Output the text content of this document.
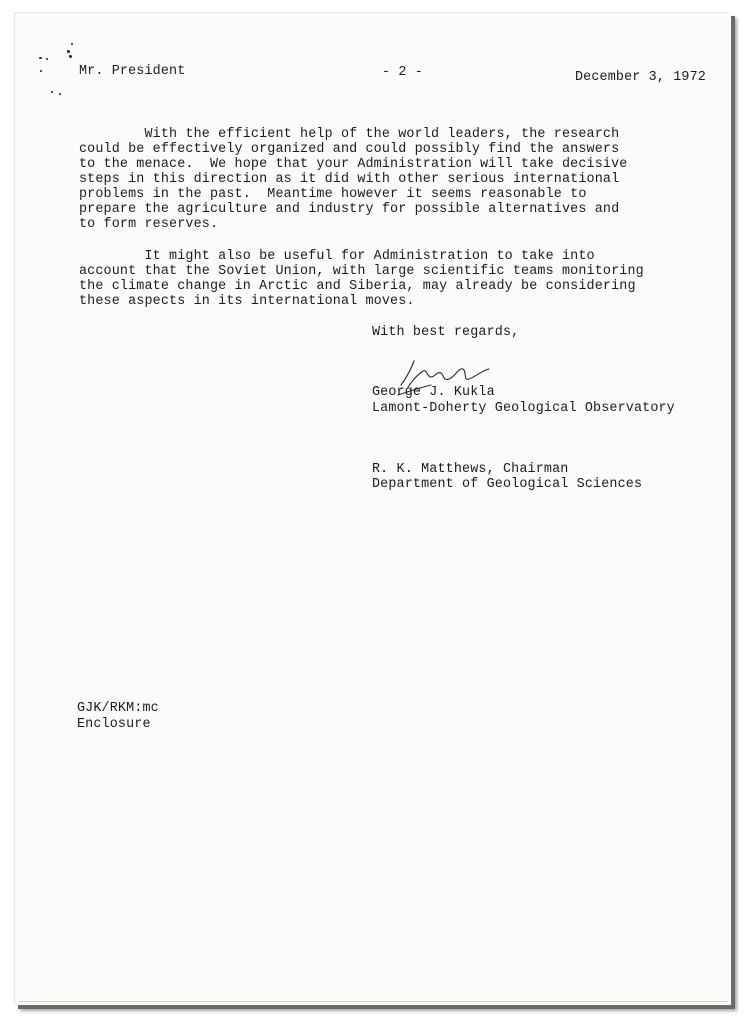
Mr. President	- 2 -	December 3, 1972
With the efficient help of the world leaders, the research
could be effectively organized and could possibly find the answers
to the menace.  We hope that your Administration will take decisive
steps in this direction as it did with other serious international
problems in the past.  Meantime however it seems reasonable to
prepare the agriculture and industry for possible alternatives and
to form reserves.
It might also be useful for Administration to take into
account that the Soviet Union, with large scientific teams monitoring
the climate change in Arctic and Siberia, may already be considering
these aspects in its international moves.
With best regards,
George J. Kukla
Lamont-Doherty Geological Observatory
R. K. Matthews, Chairman
Department of Geological Sciences
GJK/RKM:mc
Enclosure
